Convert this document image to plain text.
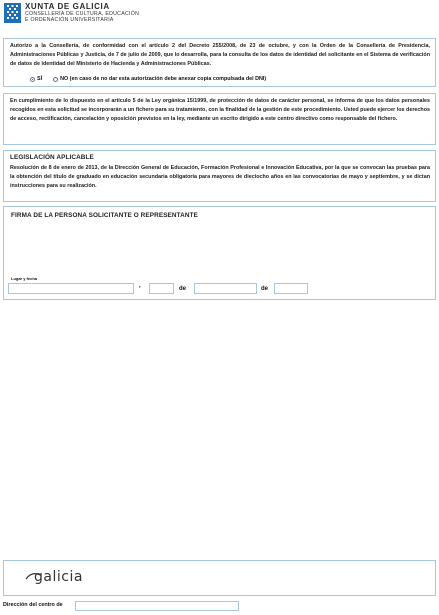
XUNTA DE GALICIA
CONSELLERÍA DE CULTURA, EDUCACIÓN
E ORDENACIÓN UNIVERSITARIA
Autorizo a la Consellería, de conformidad con el artículo 2 del Decreto 255/2008, de 23 de octubre, y con la Orden de la Consellería de Presidencia, Administraciones Públicas y Justicia, de 7 de julio de 2009, que lo desarrolla, para la consulta de los datos de identidad del solicitante en el Sistema de verificación de datos de identidad del Ministerio de Hacienda y Administraciones Públicas.
SÍ	NO (en caso de no dar esta autorización debe anexar copia compulsada del DNI)
En cumplimiento de lo dispuesto en el artículo 5 de la Ley orgánica 15/1999, de protección de datos de carácter personal, se informa de que los datos personales recogidos en esta solicitud se incorporarán a un fichero para su tratamiento, con la finalidad de la gestión de este procedimiento. Usted puede ejercer los derechos de acceso, rectificación, cancelación y oposición previstos en la ley, mediante un escrito dirigido a este centro directivo como responsable del fichero.
LEGISLACIÓN APLICABLE
Resolución de 8 de enero de 2013, de la Dirección General de Educación, Formación Profesional e Innovación Educativa, por la que se convocan las pruebas para la obtención del título de graduado en educación secundaria obligatoria para mayores de dieciocho años en las convocatorias de mayo y septiembre, y se dictan instrucciones para su realización.
FIRMA DE LA PERSONA SOLICITANTE O REPRESENTANTE
Lugar y fecha
,	de	de
galicia
Dirección del centro de
